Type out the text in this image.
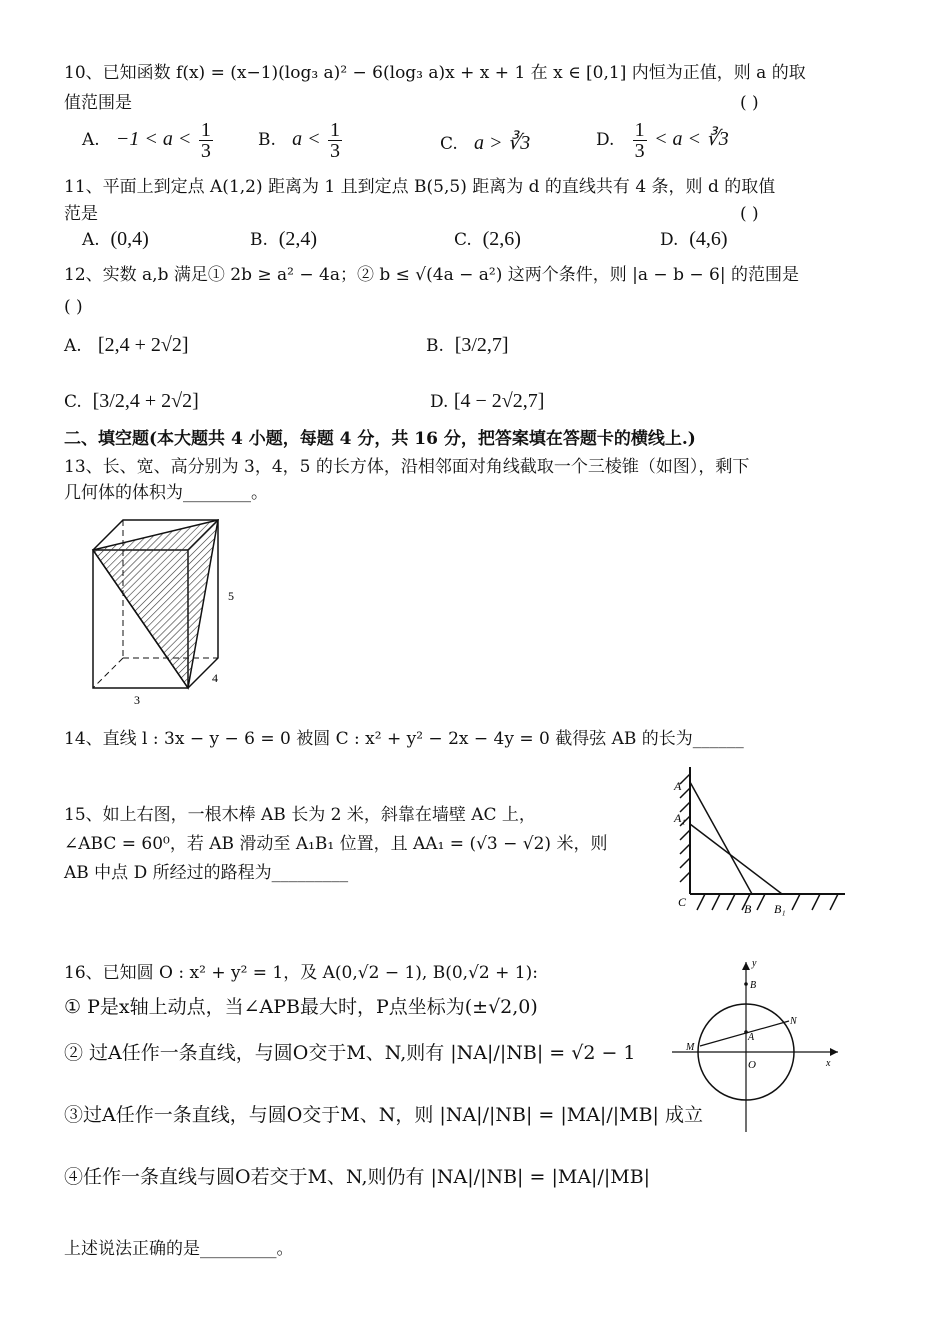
10、已知函数 f(x) = (x−1)(log₃ a)² − 6(log₃ a)x + x + 1 在 x ∈ [0,1] 内恒为正值，则 a 的取
值范围是	( )
A. $-1 < a < \frac{1}{3}$	B. $a < \frac{1}{3}$	C. a > ∛3	D. $\frac{1}{3} < a$ < ∛3
11、平面上到定点 A(1,2) 距离为 1 且到定点 B(5,5) 距离为 d 的直线共有 4 条，则 d 的取值
范是	( )
A. (0,4)	B. (2,4)	C. (2,6)	D. (4,6)
12、实数 a,b 满足① 2b ≥ a² − 4a；② b ≤ √(4a − a²) 这两个条件，则 |a − b − 6| 的范围是
( )
A. [2,4 + 2√2]	B. [3/2,7]
C. [3/2,4 + 2√2]	D. [4 − 2√2,7]
二、填空题(本大题共 4 小题，每题 4 分，共 16 分，把答案填在答题卡的横线上.)
13、长、宽、高分别为 3，4，5 的长方体，沿相邻面对角线截取一个三棱锥（如图），剩下
几何体的体积为________。
5
4
3
14、直线 l : 3x − y − 6 = 0 被圆 C : x² + y² − 2x − 4y = 0 截得弦 AB 的长为______
15、如上右图，一根木棒 AB 长为 2 米，斜靠在墙壁 AC 上，
∠ABC = 60⁰，若 AB 滑动至 A₁B₁ 位置，且 AA₁ = (√3 − √2) 米，则
AB 中点 D 所经过的路程为_________
A
A₁
C	B B₁
16、已知圆 O : x² + y² = 1，及 A(0,√2 − 1), B(0,√2 + 1):
① P是x轴上动点，当∠APB最大时，P点坐标为(±√2,0)
② 过A任作一条直线，与圆O交于M、N,则有 |NA|/|NB| = √2 − 1
③过A任作一条直线，与圆O交于M、N，则 |NA|/|NB| = |MA|/|MB| 成立
④任作一条直线与圆O若交于M、N,则仍有 |NA|/|NB| = |MA|/|MB|
y
B
N
M
A
O	x
上述说法正确的是_________。
